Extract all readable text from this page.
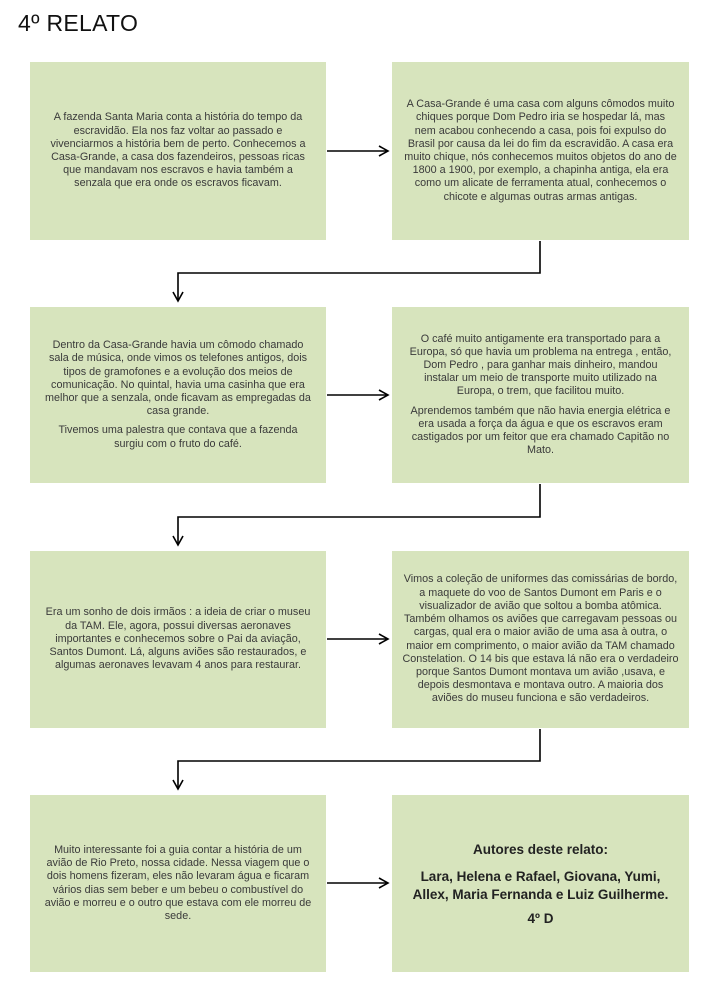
4º RELATO

A fazenda Santa Maria conta a história do tempo da escravidão. Ela nos faz voltar ao passado e vivenciarmos a história bem de perto. Conhecemos a Casa-Grande, a casa dos fazendeiros, pessoas ricas que mandavam nos escravos e havia também a senzala que era onde os escravos ficavam.

A Casa-Grande é uma casa com alguns cômodos muito chiques porque Dom Pedro iria se hospedar lá, mas nem acabou conhecendo a casa, pois foi expulso do Brasil por causa da lei do fim da escravidão. A casa era muito chique, nós conhecemos muitos objetos do ano de 1800 a 1900, por exemplo, a chapinha antiga, ela era como um alicate de ferramenta atual, conhecemos o chicote e algumas outras armas antigas.

Dentro da Casa-Grande havia um cômodo chamado sala de música, onde vimos os telefones antigos, dois tipos de gramofones e a evolução dos meios de comunicação. No quintal, havia uma casinha que era melhor que a senzala, onde ficavam as empregadas da casa grande.

Tivemos uma palestra que contava que a fazenda surgiu com o fruto do café.

O café muito antigamente era transportado para a Europa, só que havia um problema na entrega , então, Dom Pedro , para ganhar mais dinheiro, mandou instalar um meio de transporte muito utilizado na Europa, o trem, que facilitou muito.

Aprendemos também que não havia energia elétrica e era usada a força da água e que os escravos eram castigados por um feitor que era chamado Capitão no Mato.

Era um sonho de dois irmãos : a ideia de criar o museu da TAM. Ele, agora, possui diversas aeronaves importantes e conhecemos sobre o Pai da aviação, Santos Dumont. Lá, alguns aviões são restaurados, e algumas aeronaves levavam 4 anos para restaurar.

Vimos a coleção de uniformes das comissárias de bordo, a maquete do voo de Santos Dumont em Paris e o visualizador de avião que soltou a bomba atômica. Também olhamos os aviões que carregavam pessoas ou cargas, qual era o maior avião de uma asa à outra, o maior em comprimento, o maior avião da TAM chamado Constelation. O 14 bis que estava lá não era o verdadeiro porque Santos Dumont montava um avião ,usava, e depois desmontava e montava outro. A maioria dos aviões do museu funciona e são verdadeiros.

Muito interessante foi a guia contar a história de um avião de Rio Preto, nossa cidade. Nessa viagem que o dois homens fizeram, eles não levaram água e ficaram vários dias sem beber e um bebeu o combustível do avião e morreu e o outro que estava com ele morreu de sede.

Autores deste relato:
Lara, Helena e Rafael, Giovana, Yumi, Allex, Maria Fernanda e Luiz Guilherme.
4º D
